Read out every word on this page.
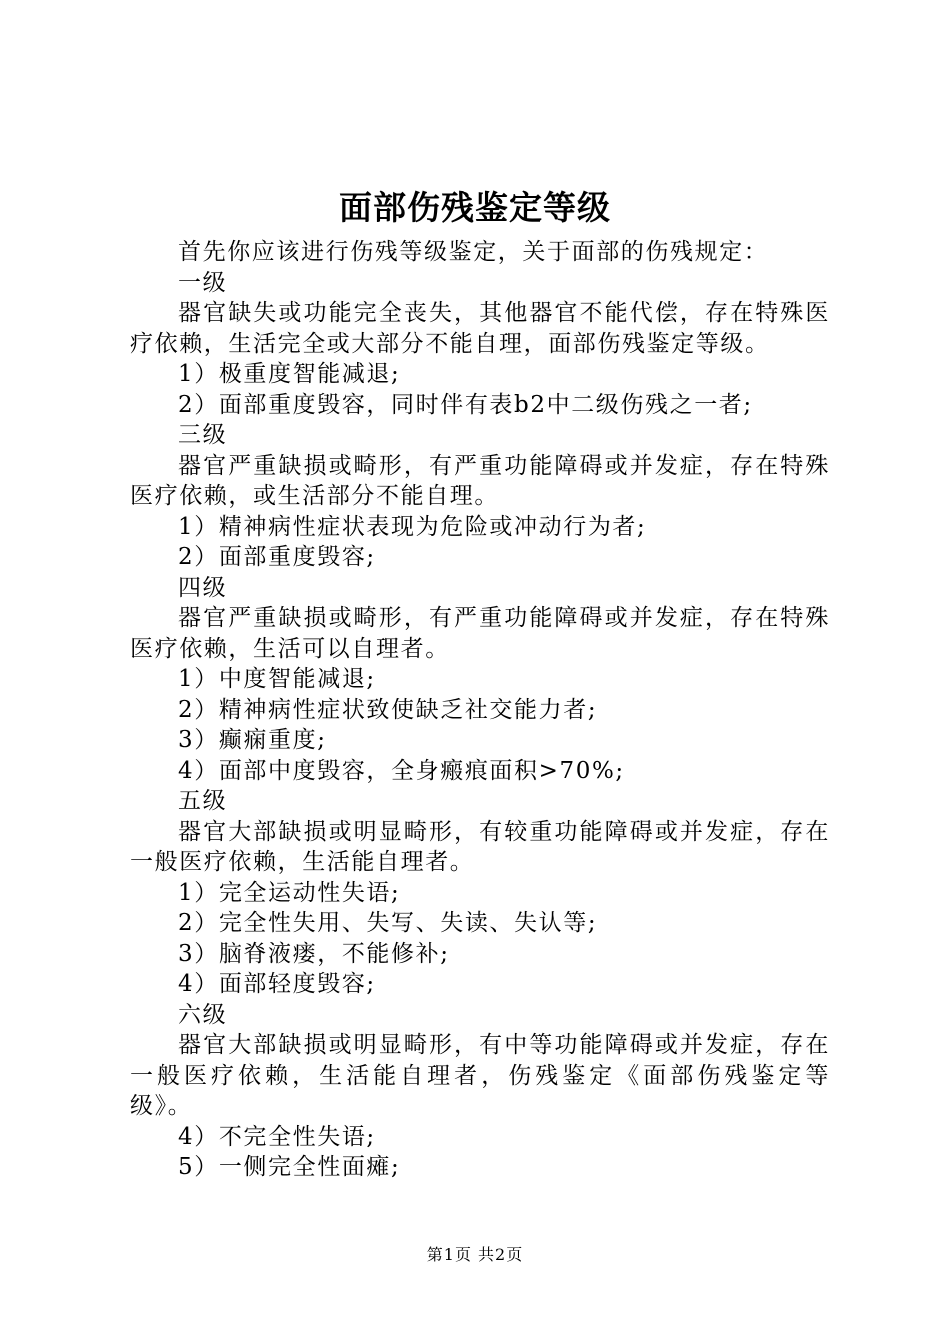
面部伤残鉴定等级

首先你应该进行伤残等级鉴定，关于面部的伤残规定：

一级

器官缺失或功能完全丧失，其他器官不能代偿，存在特殊医疗依赖，生活完全或大部分不能自理，面部伤残鉴定等级。

1）极重度智能减退;

2）面部重度毁容，同时伴有表b2中二级伤残之一者;

三级

器官严重缺损或畸形，有严重功能障碍或并发症，存在特殊医疗依赖，或生活部分不能自理。

1）精神病性症状表现为危险或冲动行为者;

2）面部重度毁容;

四级

器官严重缺损或畸形，有严重功能障碍或并发症，存在特殊医疗依赖，生活可以自理者。

1）中度智能减退;

2）精神病性症状致使缺乏社交能力者;

3）癫痫重度;

4）面部中度毁容，全身瘢痕面积>70%;

五级

器官大部缺损或明显畸形，有较重功能障碍或并发症，存在一般医疗依赖，生活能自理者。

1）完全运动性失语;

2）完全性失用、失写、失读、失认等;

3）脑脊液瘘，不能修补;

4）面部轻度毁容;

六级

器官大部缺损或明显畸形，有中等功能障碍或并发症，存在一般医疗依赖，生活能自理者，伤残鉴定《面部伤残鉴定等级》。

4）不完全性失语;

5）一侧完全性面瘫;

第1页 共2页
